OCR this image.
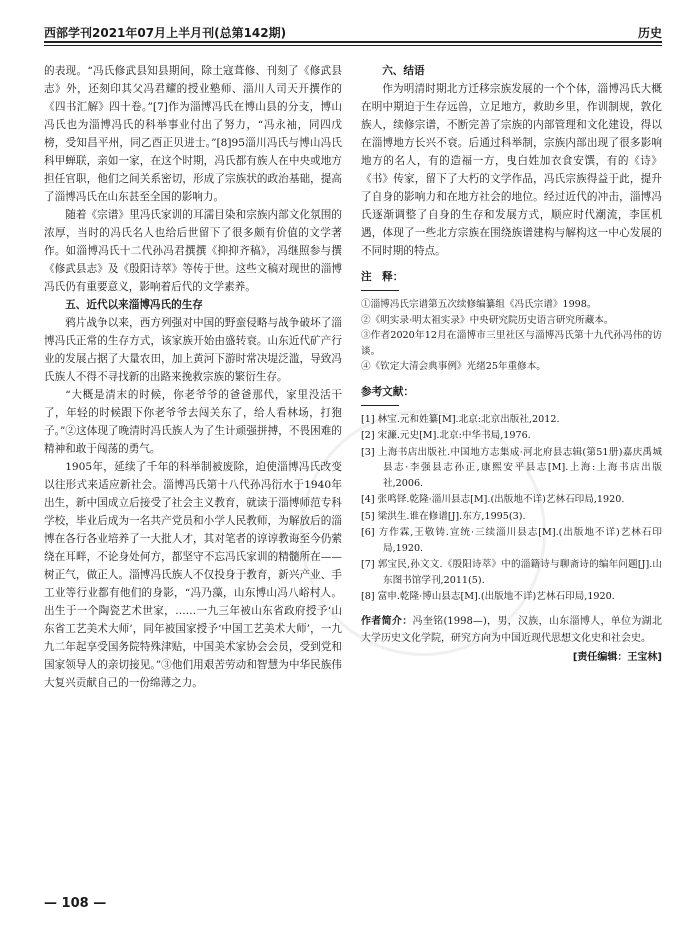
西部学刊2021年07月上半月刊(总第142期)	历史

的表现。“冯氏修武县知县期间，除土寇葺修、刊刻了《修武县志》外，还刻印其父冯君耀的授业塾师、淄川人司天开撰作的《四书汇解》四十卷。”[7]作为淄博冯氏在博山县的分支，博山冯氏也为淄博冯氏的科举事业付出了努力，“冯永袖，同四戊榜，受知昌平州，同乙酉正贝进士。”[8]95淄川冯氏与博山冯氏科甲蝉联，亲如一家，在这个时期，冯氏都有族人在中央或地方担任官职，他们之间关系密切，形成了宗族状的政治基础，提高了淄博冯氏在山东甚至全国的影响力。

随着《宗谱》里冯氏家训的耳濡目染和宗族内部文化氛围的浓厚，当时的冯氏名人也给后世留下了很多颇有价值的文学著作。如淄博冯氏十二代孙冯君撰撰《抑抑齐稿》，冯继照参与撰《修武县志》及《殷阳诗萃》等传于世。这些文稿对现世的淄博冯氏仍有重要意义，影响着后代的文学素养。

五、近代以来淄博冯氏的生存

鸦片战争以来，西方列强对中国的野蛮侵略与战争破坏了淄博冯氏正常的生存方式，该家族开始由盛转衰。山东近代矿产行业的发展占据了大量农田，加上黄河下游时常决堤泛滥，导致冯氏族人不得不寻找新的出路来挽救宗族的繁衍生存。

“大概是清末的时候，你老爷爷的爸爸那代，家里没活干了，年轻的时候跟下你老爷爷去闯关东了，给人看林场，打狍子。”②这体现了晚清时冯氏族人为了生计顽强拼搏，不畏困难的精神和敢于闯荡的勇气。

1905年，延续了千年的科举制被废除，迫使淄博冯氏改变以往形式来适应新社会。淄博冯氏第十八代孙冯衍水于1940年出生，新中国成立后接受了社会主义教育，就读于淄博师范专科学校，毕业后成为一名共产党员和小学人民教师，为解放后的淄博在各行各业培养了一大批人才，其对笔者的谆谆教诲至今仍萦绕在耳畔，不论身处何方，都坚守不忘冯氏家训的精髓所在——树正气，做正人。淄博冯氏族人不仅投身于教育，新兴产业、手工业等行业都有他们的身影，“冯乃藻，山东博山冯八峪村人。出生于一个陶瓷艺术世家，……一九三年被山东省政府授予‘山东省工艺美术大师’，同年被国家授予‘中国工艺美术大师’，一九九二年起享受国务院特殊津贴，中国美术家协会会员，受到党和国家领导人的亲切接见。”③他们用艰苦劳动和智慧为中华民族伟大复兴贡献自己的一份绵薄之力。

六、结语

作为明清时期北方迁移宗族发展的一个个体，淄博冯氏大概在明中期迫于生存远兽，立足地方，救助乡里，作训制规，敦化族人，续修宗谱，不断完善了宗族的内部管理和文化建设，得以在淄博地方长兴不衰。后通过科举制，宗族内部出现了很多影响地方的名人，有的造福一方，曳白姓加衣食安馔，有的《诗》《书》传家，留下了大朽的文学作品，冯氏宗族得益于此，提升了自身的影响力和在地方社会的地位。经过近代的冲击，淄博冯氏逐渐调整了自身的生存和发展方式，顺应时代潮流，李匡机遇，体现了一些北方宗族在围绕族谱建构与解构这一中心发展的不同时期的特点。

注　释：

①淄博冯氏宗谱第五次续修编纂组《冯氏宗谱》1998。

②《明实录·明太祖实录》中央研究院历史语言研究所藏本。

③作者2020年12月在淄博市三里社区与淄博冯氏第十九代孙冯伟的访谈。

④《钦定大清会典事例》光绪25年重修本。

参考文献：

[1] 林宝.元和姓纂[M].北京:北京出版社,2012.

[2] 宋濂.元史[M].北京:中华书局,1976.

[3] 上海书店出版社.中国地方志集成·河北府县志辑(第51册)嘉庆禹城县志·李强县志孙正,康熙安平县志[M].上海:上海书店出版社,2006.

[4] 张鸣铎.乾隆·淄川县志[M].(出版地不详)艺林石印局,1920.

[5] 梁洪生.谁在修谱[J].东方,1995(3).

[6] 方作霖,王敬铸.宣统·三续淄川县志[M].(出版地不详)艺林石印局,1920.

[7] 郭宝民,孙文文.《殷阳诗萃》中的淄籍诗与聊斋诗的编年问题[J].山东图书馆学刊,2011(5).

[8] 富申.乾隆·博山县志[M].(出版地不详)艺林石印局,1920.

作者简介：冯奎铭(1998—)，男，汉族，山东淄博人，单位为湖北大学历史文化学院，研究方向为中国近现代思想文化史和社会史。
[责任编辑：王宝林]
— 108 —
